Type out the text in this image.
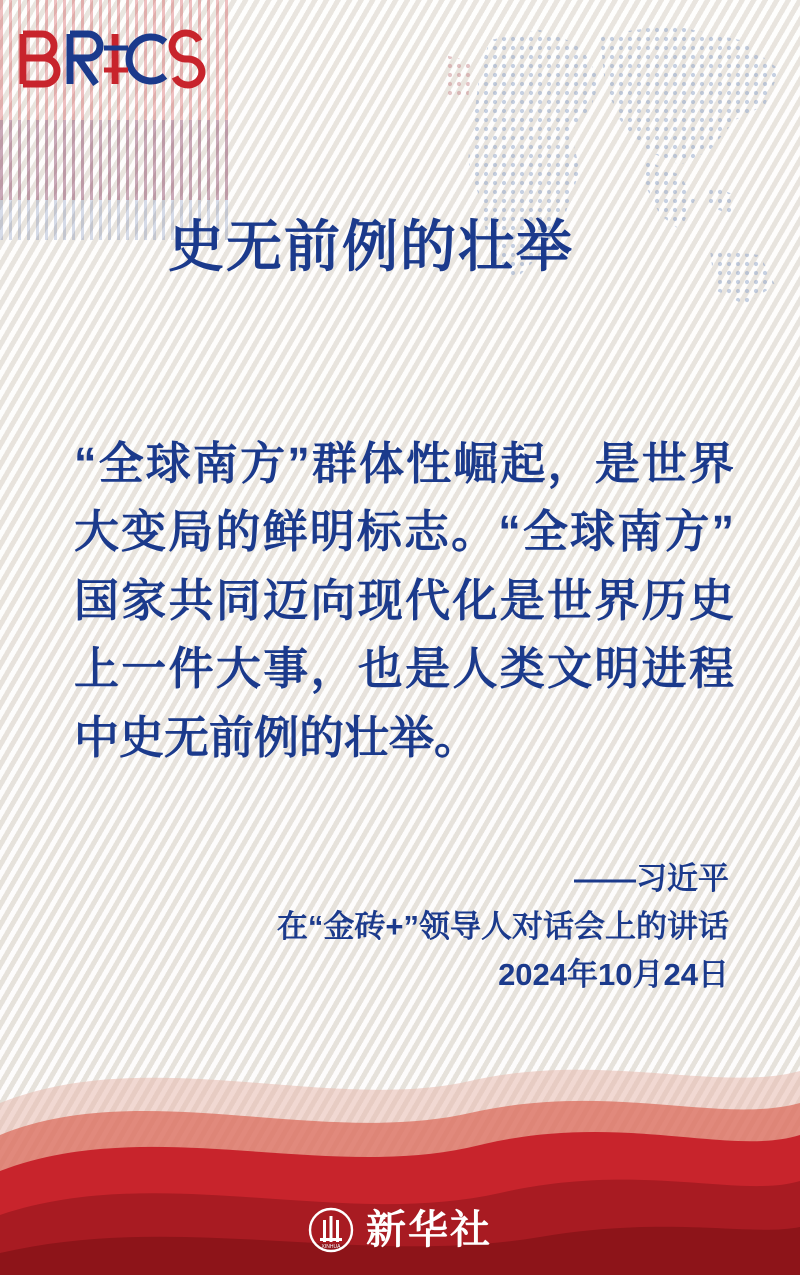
史无前例的壮举

“全球南方”群体性崛起，是世界大变局的鲜明标志。“全球南方”国家共同迈向现代化是世界历史上一件大事，也是人类文明进程中史无前例的壮举。

——习近平
在“金砖+”领导人对话会上的讲话
2024年10月24日
XINHUA 新华社
